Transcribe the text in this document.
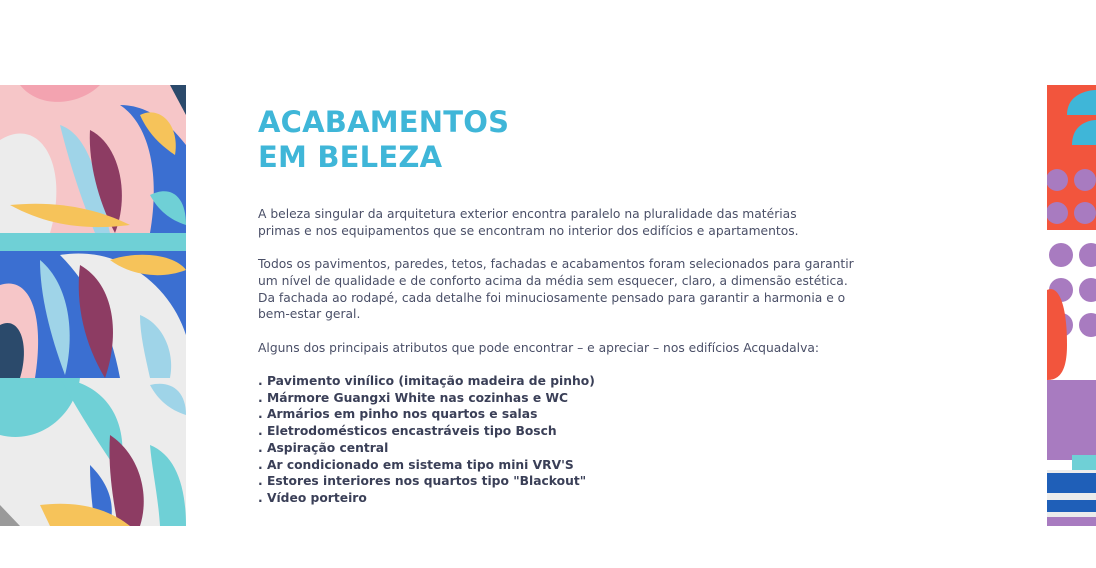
ACABAMENTOS
EM BELEZA

A beleza singular da arquitetura exterior encontra paralelo na pluralidade das matérias
primas e nos equipamentos que se encontram no interior dos edifícios e apartamentos.

Todos os pavimentos, paredes, tetos, fachadas e acabamentos foram selecionados para garantir
um nível de qualidade e de conforto acima da média sem esquecer, claro, a dimensão estética.
Da fachada ao rodapé, cada detalhe foi minuciosamente pensado para garantir a harmonia e o
bem-estar geral.

Alguns dos principais atributos que pode encontrar – e apreciar – nos edifícios Acquadalva:

. Pavimento vinílico (imitação madeira de pinho)
. Mármore Guangxi White nas cozinhas e WC
. Armários em pinho nos quartos e salas
. Eletrodomésticos encastráveis tipo Bosch
. Aspiração central
. Ar condicionado em sistema tipo mini VRV'S
. Estores interiores nos quartos tipo "Blackout"
. Vídeo porteiro
